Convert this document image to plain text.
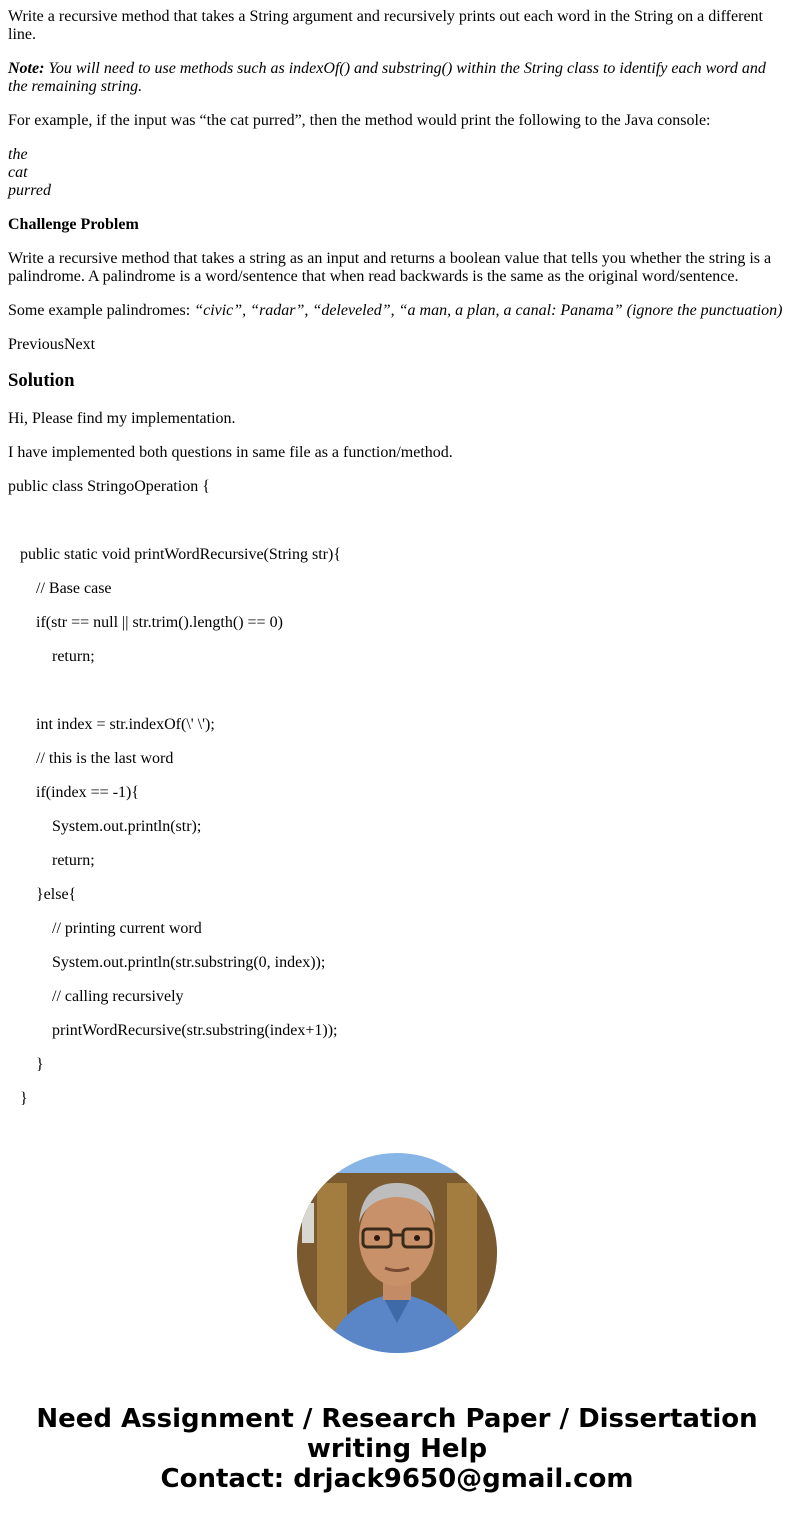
Write a recursive method that takes a String argument and recursively prints out each word in the String on a different line.

Note: You will need to use methods such as indexOf() and substring() within the String class to identify each word and the remaining string.

For example, if the input was “the cat purred”, then the method would print the following to the Java console:

the
cat
purred

Challenge Problem

Write a recursive method that takes a string as an input and returns a boolean value that tells you whether the string is a palindrome. A palindrome is a word/sentence that when read backwards is the same as the original word/sentence.

Some example palindromes: “civic”, “radar”, “deleveled”, “a man, a plan, a canal: Panama” (ignore the punctuation)

PreviousNext

Solution

Hi, Please find my implementation.

I have implemented both questions in same file as a function/method.

public class StringoOperation {
public static void printWordRecursive(String str){
// Base case
if(str == null || str.trim().length() == 0)
return;
int index = str.indexOf(\' \');
// this is the last word
if(index == -1){
System.out.println(str);
return;
}else{
// printing current word
System.out.println(str.substring(0, index));
// calling recursively
printWordRecursive(str.substring(index+1));
}
}
Need Assignment / Research Paper / Dissertation
writing Help
Contact: drjack9650@gmail.com
